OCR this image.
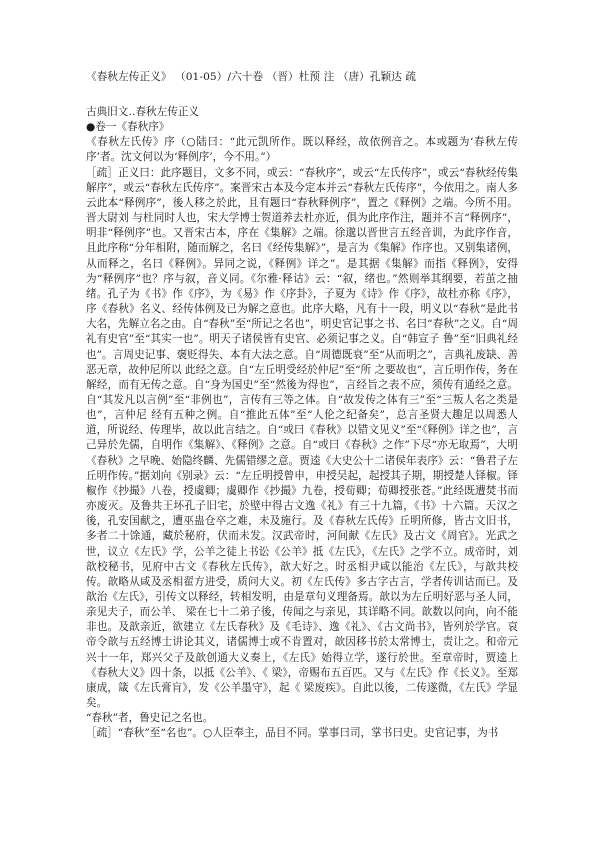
《春秋左传正义》 （01-05）/六十卷 （晋）杜预 注 （唐）孔颖达 疏

古典旧文‥春秋左传正义

●卷一《春秋序》

《春秋左氏传》序（○陆曰：“此元凯所作。既以释经，故依例音之。本或题为‘春秋左传序’者。沈文何以为‘释例序’，今不用。”）

［疏］正义曰：此序题目，文多不同，或云：“春秋序”，或云“左氏传序”，或云“春秋经传集解序”，或云“春秋左氏传序”。案晋宋古本及今定本并云“春秋左氏传序”，今依用之。南人多云此本“释例序”，後人移之於此，且有题曰“春秋释例序”，置之《释例》之端。今所不用。晋大尉刘 与杜同时人也，宋大学博士贺道养去杜亦近，俱为此序作注，题并不言“释例序”，明非“释例序”也。又晋宋古本，序在《集解》之端。徐邈以晋世言五经音训，为此序作音，且此序称“分年相附，随而解之，名曰《经传集解》”，是言为《集解》作序也。又别集诸例，从而释之，名曰《释例》。异同之说，《释例》详之”。是其据《集解》而指《释例》，安得为“释例序”也？序与叙，音义同。《尔雅·释诂》云：“叙，绪也。”然则举其纲要，若茧之抽绪。孔子为《书》作《序》，为《易》作《序卦》，子夏为《诗》作《序》，故杜亦称《序》，序《春秋》名义、经传体例及已为解之意也。此序大略，凡有十一段，明义以“春秋”是此书大名，先解立名之由。自“春秋”至“所记之名也”，明史官记事之书、名曰“春秋”之义。自“周礼有史官”至“其实一也”。明天子诸侯皆有史官、必须记事之义。自“韩宣子 鲁”至“旧典礼经也”。言周史记事、褒贬得失、本有大法之意。自“周德既衰”至“从而明之”，言典礼废缺、善恶无章，故仲尼所以 此经之意。自“左丘明受经於仲尼”至“所 之要故也”，言丘明作传，务在解经，而有无传之意。自“身为国史”至“然後为得也”，言经旨之表不应，须传有通经之意。自“其发凡以言例”至“非例也”，言传有三等之体。自“故发传之体有三”至“三叛人名之类是也”，言仲尼 经有五种之例。自“推此五体”至“人伦之纪备矣”，总言圣贤大趣足以周悉人道，所说经、传理毕，故以此言结之。自“或曰《春秋》以错文见义”至“《释例》详之也”，言己异於先儒，自明作《集解》、《释例》之意。自“或曰《春秋》之作”下尽“亦无取焉”，大明《春秋》之早晚、始隐终麟、先儒错缪之意。贾逵《大史公十二诸侯年表序》云：“鲁君子左丘明作传。”据刘向《别录》云：“左丘明授曾申，申授吴起，起授其子期，期授楚人铎椒。铎椒作《抄撮》八卷，授虞卿；虞卿作《抄撮》九卷，授荀卿；荀卿授张苍。”此经既遭焚书而亦废灭。及鲁共王坏孔子旧宅，於壁中得古文逸《礼》有三十九篇，《书》十六篇。天汉之後，孔安国献之，遭巫蛊仓卒之难，未及施行。及《春秋左氏传》丘明所修，皆古文旧书，多者二十馀通，藏於秘府，伏而未发。汉武帝时，河间献《左氏》及古文《周官》。光武之世，议立《左氏》学，公羊之徒上书讼《公羊》抵《左氏》，《左氏》之学不立。成帝时，刘歆校秘书，见府中古文《春秋左氏传》，歆大好之。时丞相尹咸以能治《左氏》，与歆共校传。歆略从咸及丞相翟方进受，质问大义。初《左氏传》多古字古言，学者传训诂而已。及歆治《左氏》，引传文以释经，转相发明，由是章句义理备焉。歆以为左丘明好恶与圣人同，亲见夫子，而公羊、 梁在七十二弟子後，传闻之与亲见，其详略不同。歆数以问向，向不能非也。及歆亲近，欲建立《左氏春秋》及《毛诗》、逸《礼》、《古文尚书》，皆列於学官。哀帝令歆与五经博士讲论其义，诸儒博士或不肯置对，歆因移书於太常博士，责让之。和帝元兴十一年，郑兴父子及歆创通大义奏上，《左氏》始得立学，遂行於世。至章帝时，贾逵上《春秋大义》四十条，以抵《公羊》、《 梁》，帝赐布五百匹。又与《左氏》作《长义》。至郑康成，箴《左氏膏肓》，发《公羊墨守》，起《 梁废疾》。自此以後，二传遂微，《左氏》学显矣。

“春秋”者，鲁史记之名也。

［疏］“春秋”至“名也”。○人臣奉主，品目不同。掌事曰司，掌书曰史。史官记事，为书
